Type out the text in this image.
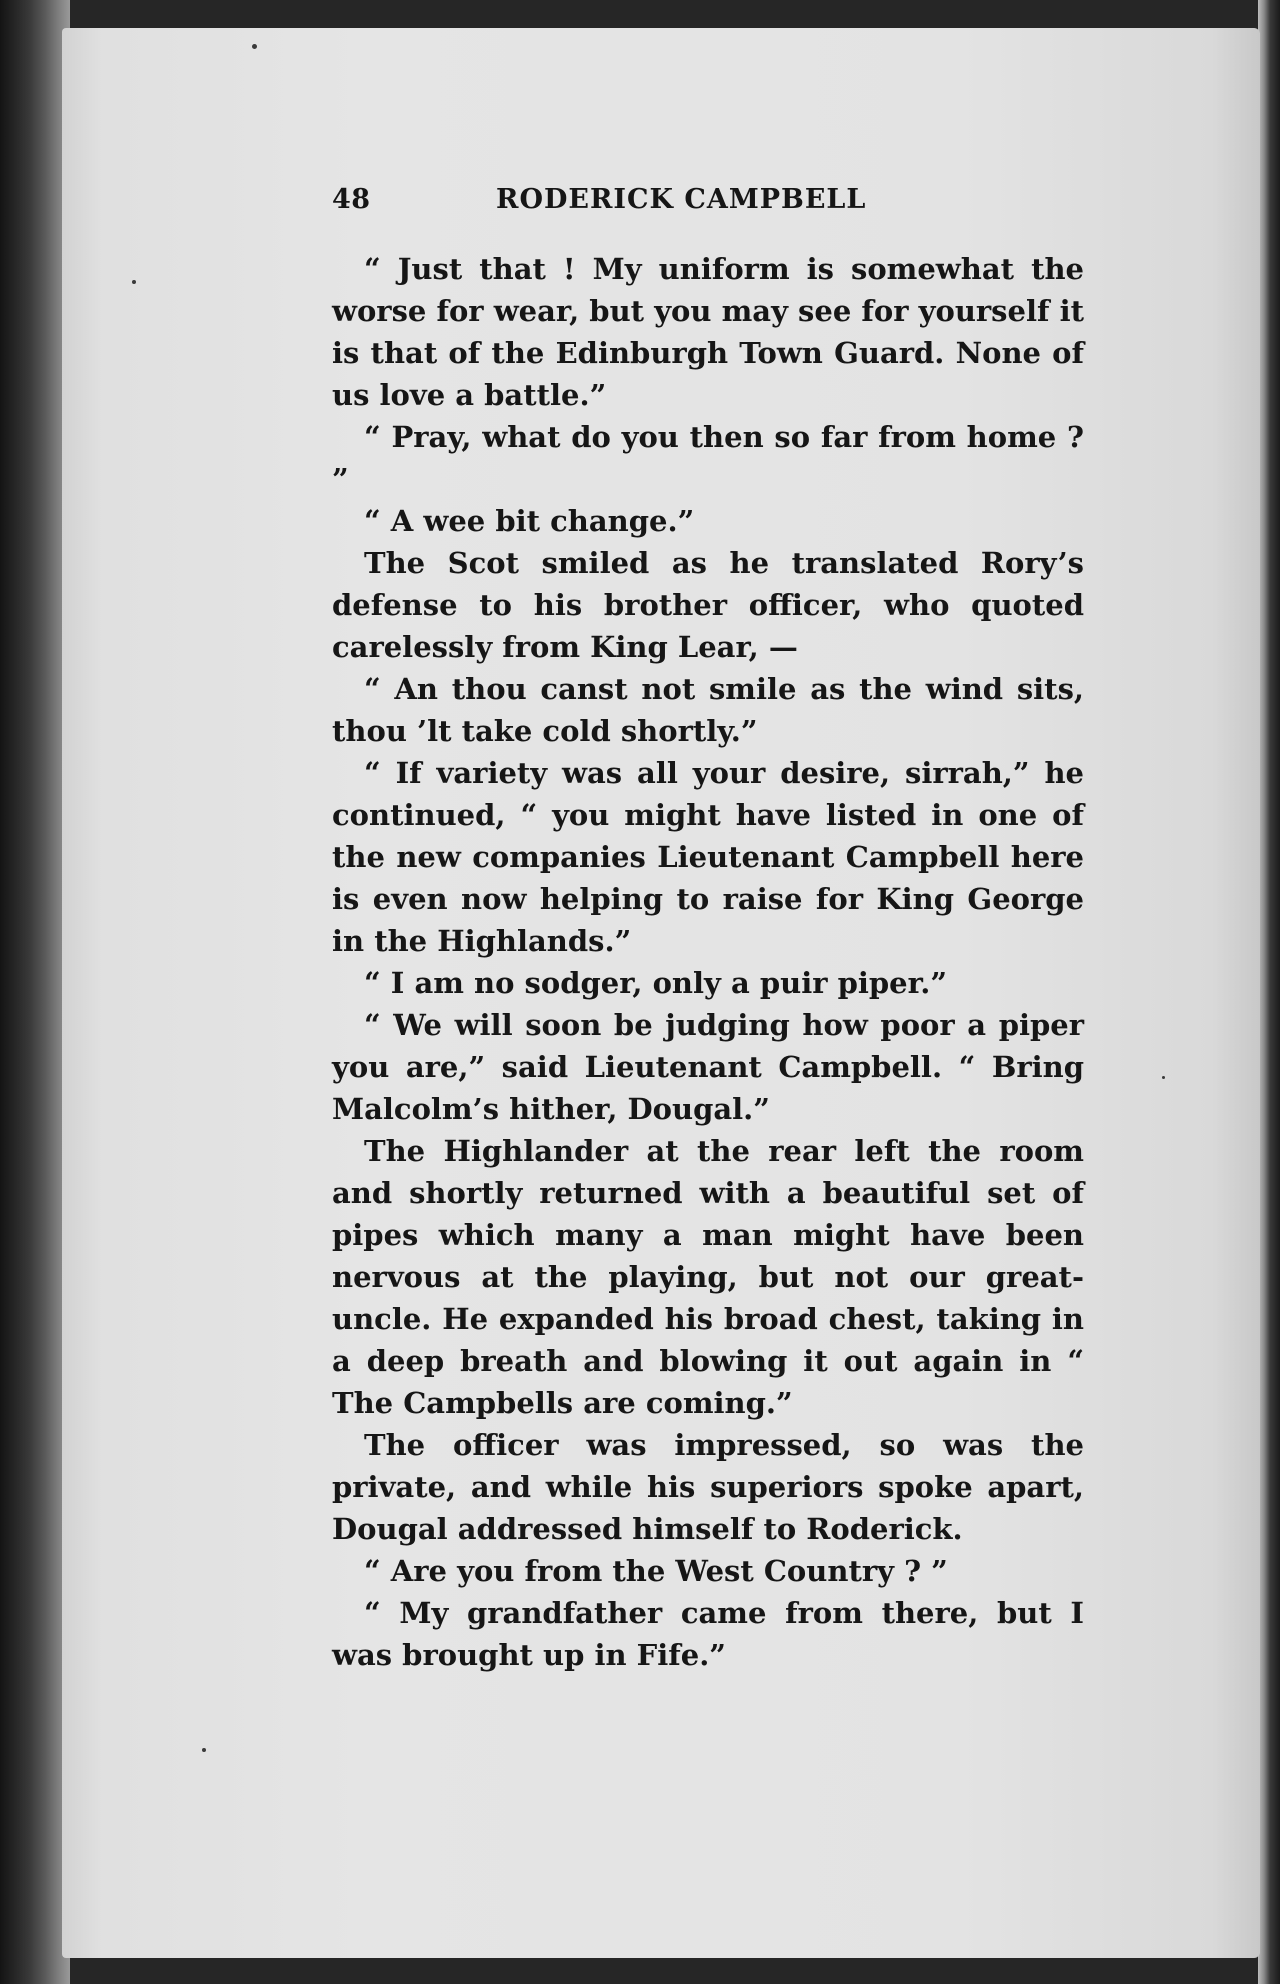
48	RODERICK CAMPBELL

“ Just that ! My uniform is somewhat the worse for wear, but you may see for yourself it is that of the Edinburgh Town Guard. None of us love a battle.”

“ Pray, what do you then so far from home ? ”

“ A wee bit change.”

The Scot smiled as he translated Rory’s defense to his brother officer, who quoted carelessly from King Lear, —

“ An thou canst not smile as the wind sits, thou ’lt take cold shortly.”

“ If variety was all your desire, sirrah,” he continued, “ you might have listed in one of the new companies Lieutenant Campbell here is even now helping to raise for King George in the Highlands.”

“ I am no sodger, only a puir piper.”

“ We will soon be judging how poor a piper you are,” said Lieutenant Campbell. “ Bring Malcolm’s hither, Dougal.”

The Highlander at the rear left the room and shortly returned with a beautiful set of pipes which many a man might have been nervous at the playing, but not our great-uncle. He expanded his broad chest, taking in a deep breath and blowing it out again in “ The Campbells are coming.”

The officer was impressed, so was the private, and while his superiors spoke apart, Dougal addressed himself to Roderick.

“ Are you from the West Country ? ”

“ My grandfather came from there, but I was brought up in Fife.”
